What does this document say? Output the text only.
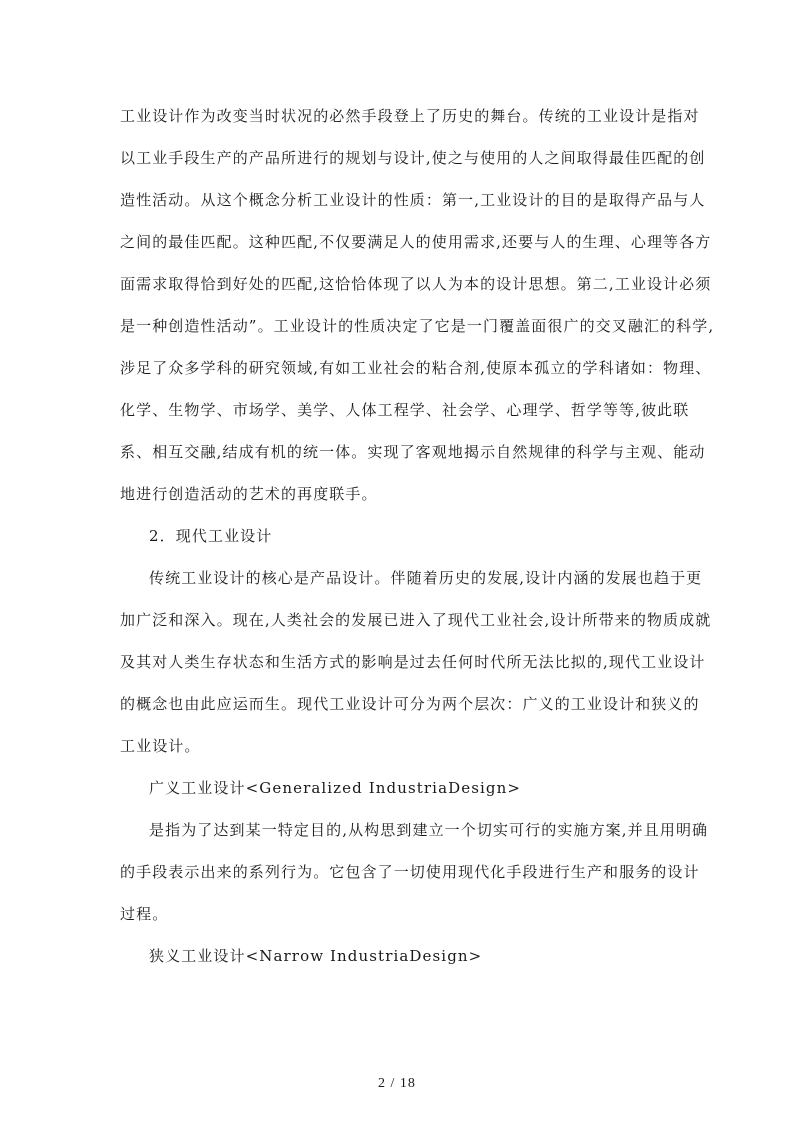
工业设计作为改变当时状况的必然手段登上了历史的舞台。传统的工业设计是指对
以工业手段生产的产品所进行的规划与设计,使之与使用的人之间取得最佳匹配的创
造性活动。从这个概念分析工业设计的性质：第一,工业设计的目的是取得产品与人
之间的最佳匹配。这种匹配,不仅要满足人的使用需求,还要与人的生理、心理等各方
面需求取得恰到好处的匹配,这恰恰体现了以人为本的设计思想。第二,工业设计必须
是一种创造性活动”。工业设计的性质决定了它是一门覆盖面很广的交叉融汇的科学,
涉足了众多学科的研究领域,有如工业社会的粘合剂,使原本孤立的学科诸如：物理、
化学、生物学、市场学、美学、人体工程学、社会学、心理学、哲学等等,彼此联
系、相互交融,结成有机的统一体。实现了客观地揭示自然规律的科学与主观、能动
地进行创造活动的艺术的再度联手。
2．现代工业设计
传统工业设计的核心是产品设计。伴随着历史的发展,设计内涵的发展也趋于更
加广泛和深入。现在,人类社会的发展已进入了现代工业社会,设计所带来的物质成就
及其对人类生存状态和生活方式的影响是过去任何时代所无法比拟的,现代工业设计
的概念也由此应运而生。现代工业设计可分为两个层次：广义的工业设计和狭义的
工业设计。
广义工业设计<Generalized IndustriaDesign>
是指为了达到某一特定目的,从构思到建立一个切实可行的实施方案,并且用明确
的手段表示出来的系列行为。它包含了一切使用现代化手段进行生产和服务的设计
过程。
狭义工业设计<Narrow IndustriaDesign>
2 / 18
